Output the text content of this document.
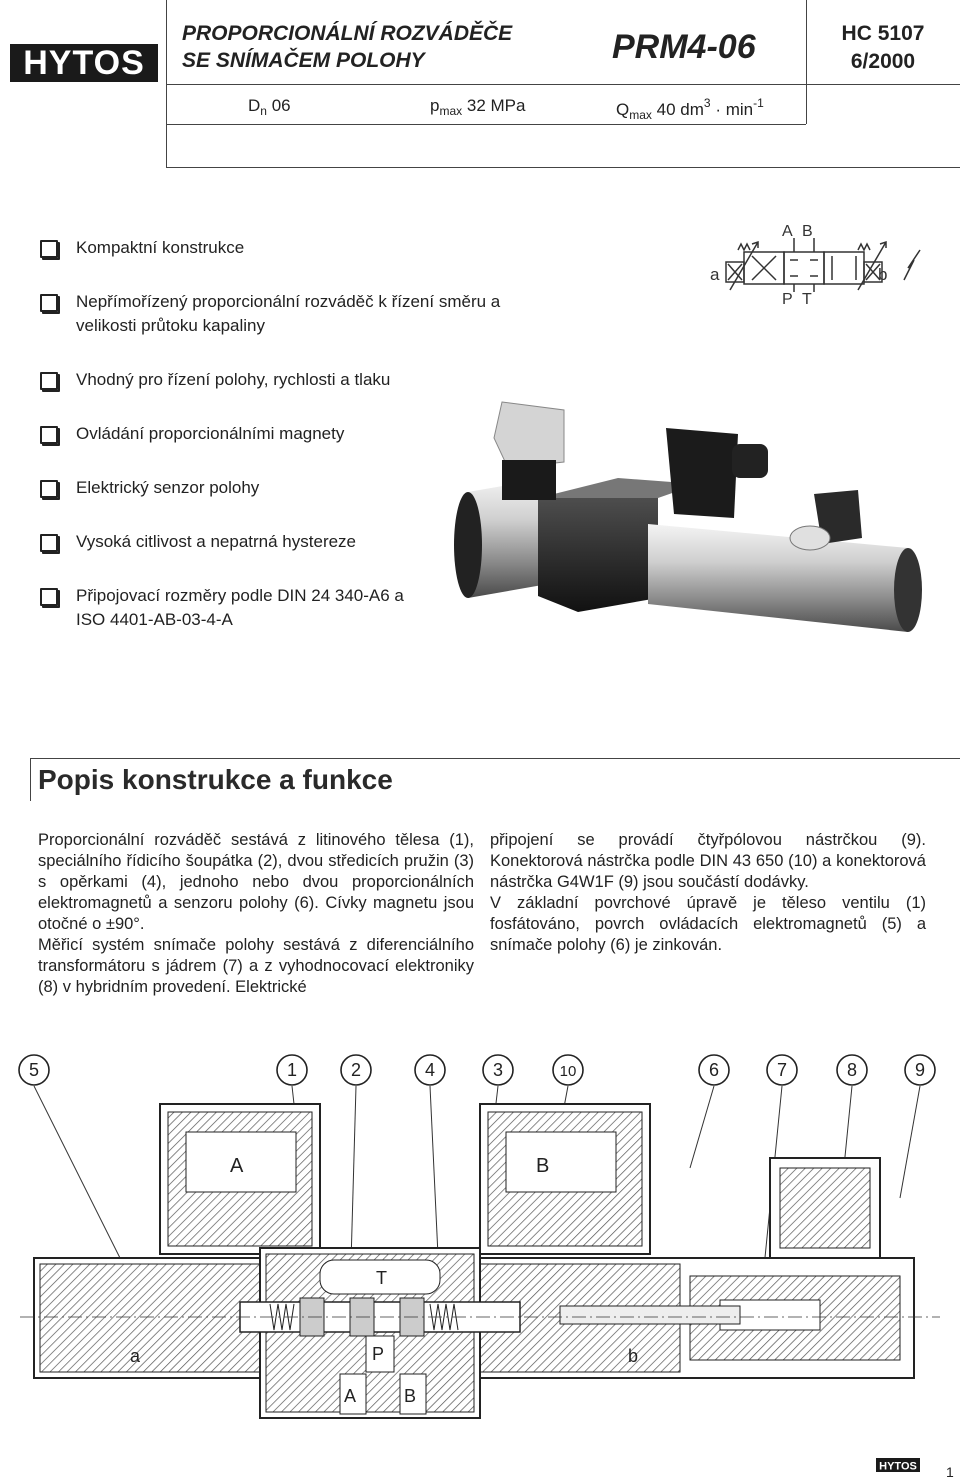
HYTOS
PROPORCIONÁLNÍ ROZVÁDĚČE
SE SNÍMAČEM POLOHY	PRM4-06	HC 5107
6/2000
$D_n$ 06	$p_{max}$ 32 MPa	$Q_{max}$ 40 $dm^3 \cdot \min^{-1}$
Kompaktní konstrukce
Nepřímořízený proporcionální rozváděč k řízení směru a velikosti průtoku kapaliny
Vhodný pro řízení polohy, rychlosti a tlaku
Ovládání proporcionálními magnety
Elektrický senzor polohy
Vysoká citlivost a nepatrná hystereze
Připojovací rozměry podle DIN 24 340-A6 a ISO 4401-AB-03-4-A
a	b
A B
P T
Popis konstrukce a funkce

Proporcionální rozváděč sestává z litinového tělesa (1), speciálního řídicího šoupátka (2), dvou středicích pružin (3) s opěrkami (4), jednoho nebo dvou proporcionálních elektromagnetů a senzoru polohy (6). Cívky magnetu jsou otočné o ±90°.

Měřicí systém snímače polohy sestává z diferenciálního transformátoru s jádrem (7) a z vyhodnocovací elektroniky (8) v hybridním provedení. Elektrické

připojení se provádí čtyřpólovou nástrčkou (9). Konektorová nástrčka podle DIN 43 650 (10) a konektorová nástrčka G4W1F (9) jsou součástí dodávky.

V základní povrchové úpravě je těleso ventilu (1) fosfátováno, povrch ovládacích elektromagnetů (5) a snímače polohy (6) je zinkován.

5	1	2	4	3	10	6	7	8	9
A	B
T
P
A	B
a	b
HYTOS 1
